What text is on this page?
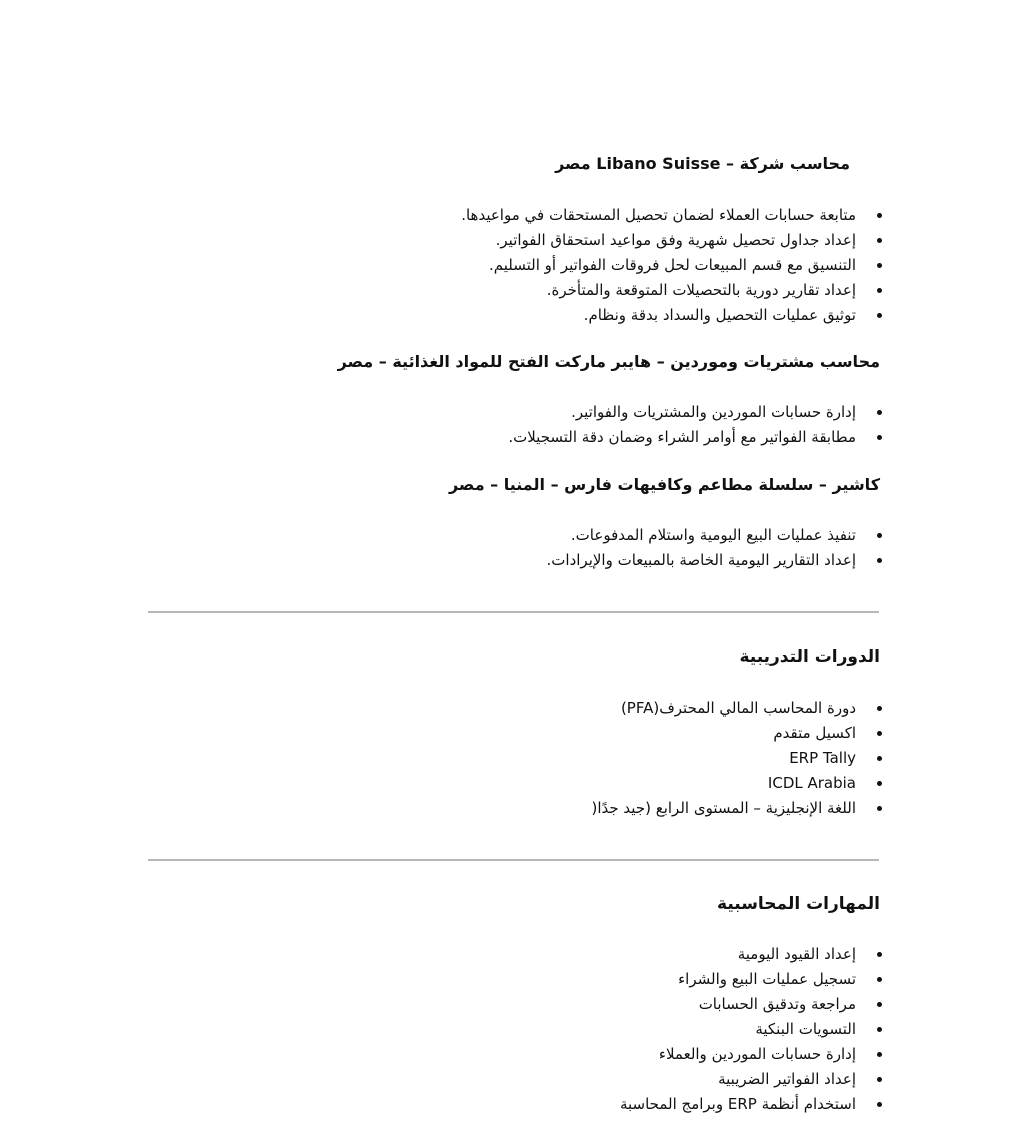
محاسب شركة – Libano Suisse مصر
متابعة حسابات العملاء لضمان تحصيل المستحقات في مواعيدها.
إعداد جداول تحصيل شهرية وفق مواعيد استحقاق الفواتير.
التنسيق مع قسم المبيعات لحل فروقات الفواتير أو التسليم.
إعداد تقارير دورية بالتحصيلات المتوقعة والمتأخرة.
توثيق عمليات التحصيل والسداد بدقة ونظام.
محاسب مشتريات وموردين – هايبر ماركت الفتح للمواد الغذائية – مصر
إدارة حسابات الموردين والمشتريات والفواتير.
مطابقة الفواتير مع أوامر الشراء وضمان دقة التسجيلات.
كاشير – سلسلة مطاعم وكافيهات فارس – المنيا – مصر
تنفيذ عمليات البيع اليومية واستلام المدفوعات.
إعداد التقارير اليومية الخاصة بالمبيعات والإيرادات.
الدورات التدريبية
دورة المحاسب المالي المحترف(PFA)
اكسيل متقدم
ERP Tally
ICDL Arabia
اللغة الإنجليزية – المستوى الرابع (جيد جدًا(
المهارات المحاسبية
إعداد القيود اليومية
تسجيل عمليات البيع والشراء
مراجعة وتدقيق الحسابات
التسويات البنكية
إدارة حسابات الموردين والعملاء
إعداد الفواتير الضريبية
استخدام أنظمة ERP وبرامج المحاسبة
